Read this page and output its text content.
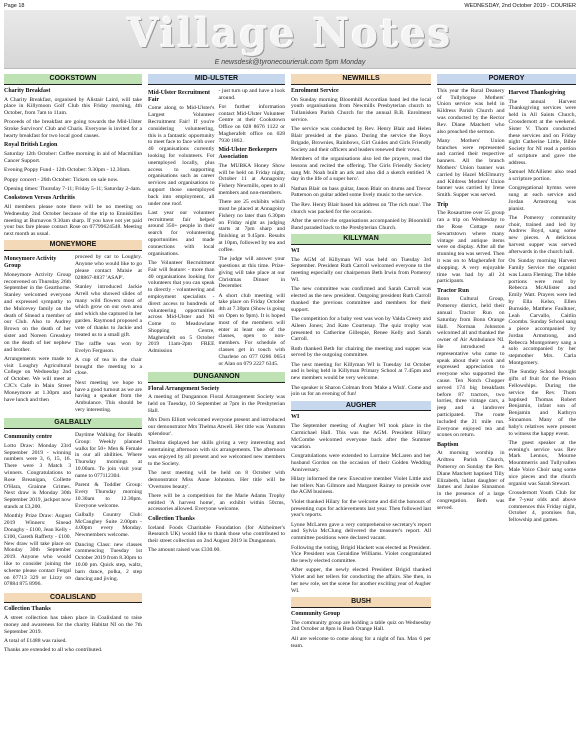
Page 18	WEDNESDAY, 2nd October 2019 - COURIER
Village Notes
E newsdesk@tyronecourieruk.com 5pm Monday
COOKSTOWN
Charity Breakfast

A Charity Breakfast, organised by Alistair Laird, will take place in Killymoon Golf Club this Friday morning, 4th October, from 7am to 11am.

Proceeds of the breakfast are going towards the Mid-Ulster Stroke Survivors' Club and Charis. Everyone is invited for a hearty breakfast for two local good causes.

Royal British Legion

Saturday 12th October: Coffee morning in aid of Macmillan Cancer Support.

Evening Poppy Fund - 12th October: 9.30pm - 12.30am.

Poppy concert - 26th October: Tickets on sale now.

Opening times: Thursday 7-11; Friday 5-11; Saturday 2-4am.

Cookstown Versus Arthritis

All members please note there will be no meeting on Wednesday 2nd October because of the trip to Enniskillen meeting at Burnavon 9.30am sharp. If you have not yet paid your bus fare please contact Rose on 07799624548. Meeting next month as usual.

MONEYMORE
Moneymore Activity Group

Moneymore Activity Group reconvened on Thursday 26th September in the Gearthorne. Stanley welcomed everyone and expressed sympathy to the Mulcevey family on the death of Sinead a member of our Club. Also to Audrey Brown on the death of her sister and Noreen Greaskey on the death of her nephew and brother.

Arrangements were made to visit Loughry Agricultural College on Wednesday 2nd of October. We will meet at CJC's Cafe in Main Street Moneymore at 1.30pm and have lunch and then

proceed by car to Loughry. Anyone who would like to go please contact Maisie at 028867-8837 'ASAP'.

Stanley introduced Jackie Arrell who showed slides of many wild flowers most of which grow on our own area and which she captured in her garden. Raymond proposed a vote of thanks to Jackie and treated us to a small gift.

The raffle was won by Evelyn Ferguson.

A cup of tea in the chair brought the meeting to a close.

Next meeting we hope to have a good turnout as we are having a speaker from the Ambulance. This should be very interesting.

GALBALLY
Community centre

Lotto Draw: Monday 23rd September 2019 - winning numbers were 3, 6, 15, 16. There were 3 Match 3 winners. Congratulations to Rose Breanigan, Collette O'Hara, Grainne Grimes. Next draw is Monday 30th September 2019, jackpot now stands at £3,200.

Monthly Prize Draw: August 2019 Winners: Sinead Donaghy - £100, Jean Kelly - £100, Gareth Rafferty - £100. New draw will take place on Monday 30th September 2019. Anyone who would like to consider joining the scheme please contact Fergal on 07713 329 or Lizzy on 07884 875 8996.

Daytime Walking for Health Group: Weekly planned walks for 50+ Men & Female in our all abilities. Where Thursday mornings at 10.00am. To join visit your name to 077112304.

Parent & Toddler Group: Every Thursday morning 10.30am to 12.30pm. Everyone welcome.

Galbally Country Club: McCaughey Suite 2.00pm - 4.00pm every Monday. Newmembers welcome.

Dancing Class: new classes commencing Tuesday 1st October 2019 from 8.30pm to 10.00 pm. Quick step, waltz, barn dance, polka, 2 step dancing and jiving.

COALISLAND
Collection Thanks

A street collection has taken place in Coalisland to raise money and awareness for the charity Habitat NI on the 7th September 2019.

A total of £1488 was raised.

Thanks are extended to all who contributed.

MID-ULSTER
Mid-Ulster Recruitment Fair

Come along to Mid-Ulster's Largest Volunteer Recruitment Fair! If you're considering volunteering, this is a fantastic opportunity to meet face to face with over 40 organisations currently looking for volunteers. For unemployed locally, plus access to supporting organisations such as career services and organisations to support those unemployed back into employment, all under one roof.

Last year our volunteer recruitment fair helped around 350+ people in their search for volunteering opportunities and made connections with local organisations.

The Volunteer Recruitment Fair will feature: - more than 40 organisations looking for volunteers that you can speak to directly - volunteering and employment specialists - direct access to hundreds of volunteering opportunities across Mid-Ulster and NI Come to Meadowlane Shopping Centre, Magherafelt on 5 October 2019 11am-2pm FREE Admission

- just turn up and have a look around.

For further information contact Mid-Ulster Volunteer Centre at their Cookstown Office on 028 8676 1122 or Magherafelt office on 028 7930 1862.

Mid-Ulster Beekeepers Association

The MUBKA Honey Show will be held on Friday night, October 11 at Annagoiny Fishery Newmills, open to all members and non-members.

There are 25 exhibits which must be placed at Annagoiny Fishery no later than 6.30pm on Friday night as judging starts at 7pm sharp and finishing at 9.45pm. Results at 10pm, followed by tea and coffee.

The judge will answer your questions at this time. Prize-giving will take place at our Christmas Dinner in December.

A short club meeting will take place on Friday October 4th at 7.30pm (Show is going on Open to 9pm). It is hoped most of the members will enter at least one of the classes, open to non-members. For schedule of classes get in touch with Charlene on 077 0286 0654 or Alan on 079 2227 6345.

DUNGANNON
Floral Arrangement Society

A meeting of Dungannon Floral Arrangement Society was held on Tuesday, 10 September at 7pm in the Presbyterian Hall.

Mrs Dorn Elliott welcomed everyone present and introduced our demonstrator Mrs Thelma Atwell. Her title was 'Autumn splendour'.

Thelma displayed her skills giving a very interesting and entertaining afternoon with six arrangements. The afternoon was enjoyed by all present and we welcomed new members to the Society.

The next meeting will be held on 8 October with demonstrator Miss Anne Johnston. Her title will be 'Overtures beauty'.

There will be a competition for the Marie Adams Trophy entitled 'A harvest home', an exhibit within 50cms, accessories allowed. Everyone welcome.

Collection Thanks

Iceland Foods Charitable Foundation (for Alzheimer's Research UK) would like to thank those who contributed to their street collection on 2nd August 2019 in Dungannon.

The amount raised was £330.00.

NEWMILLS
Enrolment Service

On Sunday morning Bloomhill Accordian band led the local youth organisations from Newmills Presbyterian church to Tullanisken Parish Church for the annual B.B. Enrolment service.

The service was conducted by Rev. Henry Blair and Helen Blair presided at the piano. During the service the Boys Brigade, Brownies, Rainbows, Girl Guides and Girls Friendly Society and their officers and leaders renewed their vows.

Members of the organisations also led the prayers, read the lessons and recited the offering. The Girls Friendly Society sang Mr. Noah built an ark and also did a sketch entitled 'A day in the life of a super hero'.

Nathan Blair on bass guitar, Jason Blair on drums and Trevor Patterson on guitar added some lively music to the service.

The Rev. Henry Blair based his address on 'The rich man'. The church was packed for the occasion.

After the service the organisations accompanied by Bloomhill Band paraded back to the Presbyterian Church.

KILLYMAN
WI

The AGM of Killyman WI was held on Tuesday 3rd September. President Ruth Carroll welcomed everyone to the meeting especially our chairperson Beth Irwin from Pomeroy WI.

The new committee was confirmed and Sarah Carroll was elected as the new president. Outgoing president Ruth Carroll thanked the previous committee and members for their support.

The competition for a baby vest was won by Valda Creery and Aileen Jones; 2nd Kate Courtenay. The quiz trophy was presented to Catherine Gillespie, Renee Kelly and Sarah Carroll.

Ruth thanked Beth for chairing the meeting and supper was served by the outgoing committee.

The next meeting for Killyman WI is Tuesday 1st October and is being held in Killyman Primary School at 7.45pm and new members would be very welcome.

The speaker is Sharon Colman from 'Make a Wish'. Come and join us for an evening of fun!

AUGHER
WI

The September meeting of Augher WI took place in the Carmichael Hall. This was the AGM. President Hilary McCombe welcomed everyone back after the Summer vacation.

Congratulations were extended to Lorraine McLaren and her husband Gordon on the occasion of their Golden Wedding Anniversary.

Hilary informed the new Executive member Violet Little and her tellers Nan Gilmore and Margaret Rainey to preside over the AGM business.

Violet thanked Hilary for the welcome and did the honours of presenting cups for achievements last year. Then followed last year's reports.

Lynne McLaren gave a very comprehensive secretary's report and Sylvia McClung delivered the treasurer's report. All committee positions were declared vacant.

Following the voting, Brigid Hackett was elected as President. Vice President was Geraldine Williams. Violet congratulated the newly elected committee.

After supper, the newly elected President Brigid thanked Violet and her tellers for conducting the affairs. She then, in her new role, set the scene for another exciting year of Augher WI.

BUSH
Community Group

The community group are holding a table quiz on Wednesday 2nd October at 8pm in Bush Orange Hall.

All are welcome to come along for a night of fun. Max 6 per team.

POMEROY

This year the Rural Deanery of Tullyhogue Mothers' Union service was held in Kildress Parish Church and was conducted by the Rector Rev. Diane Matchett who also preached the sermon.

Many Mothers' Union branches were represented and carried their respective banners. All the branch Mothers' Union banner was carried by Hazel McElmurry and Kildress Mothers' Union banner was carried by Irene Smith. Supper was served.

Trip

The Rosaurtree over 55 group ran a trip on Wednesday to the Rose Cottage near Sewartstown where many vintage and antique items were on display. After all the stunning tea was served. Then it was on to Magherafelt for shopping. A very enjoyable time was had by all 24 participants.

Tractor Run

Bonn Cultural Group, Pomeroy district, held their annual Tractor Run on Saturday from Bonn Orange Hall. Norman Johnston welcomed all and thanked the owner of Air Ambulance NI. He introduced a representative who came to speak about their work and expressed appreciation to everyone who supported the cause. Ten Notch Chopper served 174 big breakfasts before 87 tractors, two lorries, three vintage cars, a jeep and a landrover participated. The route included the 21 mile run. Everyone enjoyed tea and scones on return.

Baptism

At morning worship in Ardtrea Parish Church, Pomeroy on Sunday the Rev. Diane Matchett baptised Tilly Elizabeth, infant daughter of James and Janine Sinnamon in the presence of a large congregation. Beth was served.

Harvest Thanksgiving

The annual Harvest Thanksgiving services were held in All Saints Church, Crossdernott at the weekend. Sister V. Thom conducted these services and on Friday night Catherine Little, Bible Society for NI read a portion of scripture and gave the address.

Samuel McAllister also read a scripture portion.

Congregational hymns were sung at each service and Jordan Armstrong was pianist.

The Pomeroy community choir, trained and led by Andrew Boyd, sang some new pieces. A delicious harvest supper was served afterwards in the church hall.

On Sunday morning Harvest Family Service the organist was Laura Fleming. The bible portions were read by Rebecca McAllister and Emily Watt. Prayers were led by Ella Kelso, Ellen Burnside, Matthew Faulkner, Leah Carvallo, Caitlin Coombs. Sunday School sang a piece accompanied by Jordan Armstrong, and Rebecca Montgomery sang a solo accompanied by her stepmother Mrs. Carla Montgomery.

The Sunday School brought gifts of fruit for the Prison Fellowships. During the service the Rev. Thom baptised Thomas Robert Benjamin, infant son of Benjamin and Kathryn Sinnamon. Many of the baby's relatives were present to witness the happy event.

The guest speaker at the evening's service was Rev Mark Lennox, Mourne Mountmerris and Tullyvallen Male Voice Choir sang some nice pieces and the church organist was Sarah Stewart.

Crossdernott Youth Club for the 7-year olds and above commences this Friday night, October 4, promises fun, fellowship and games.
